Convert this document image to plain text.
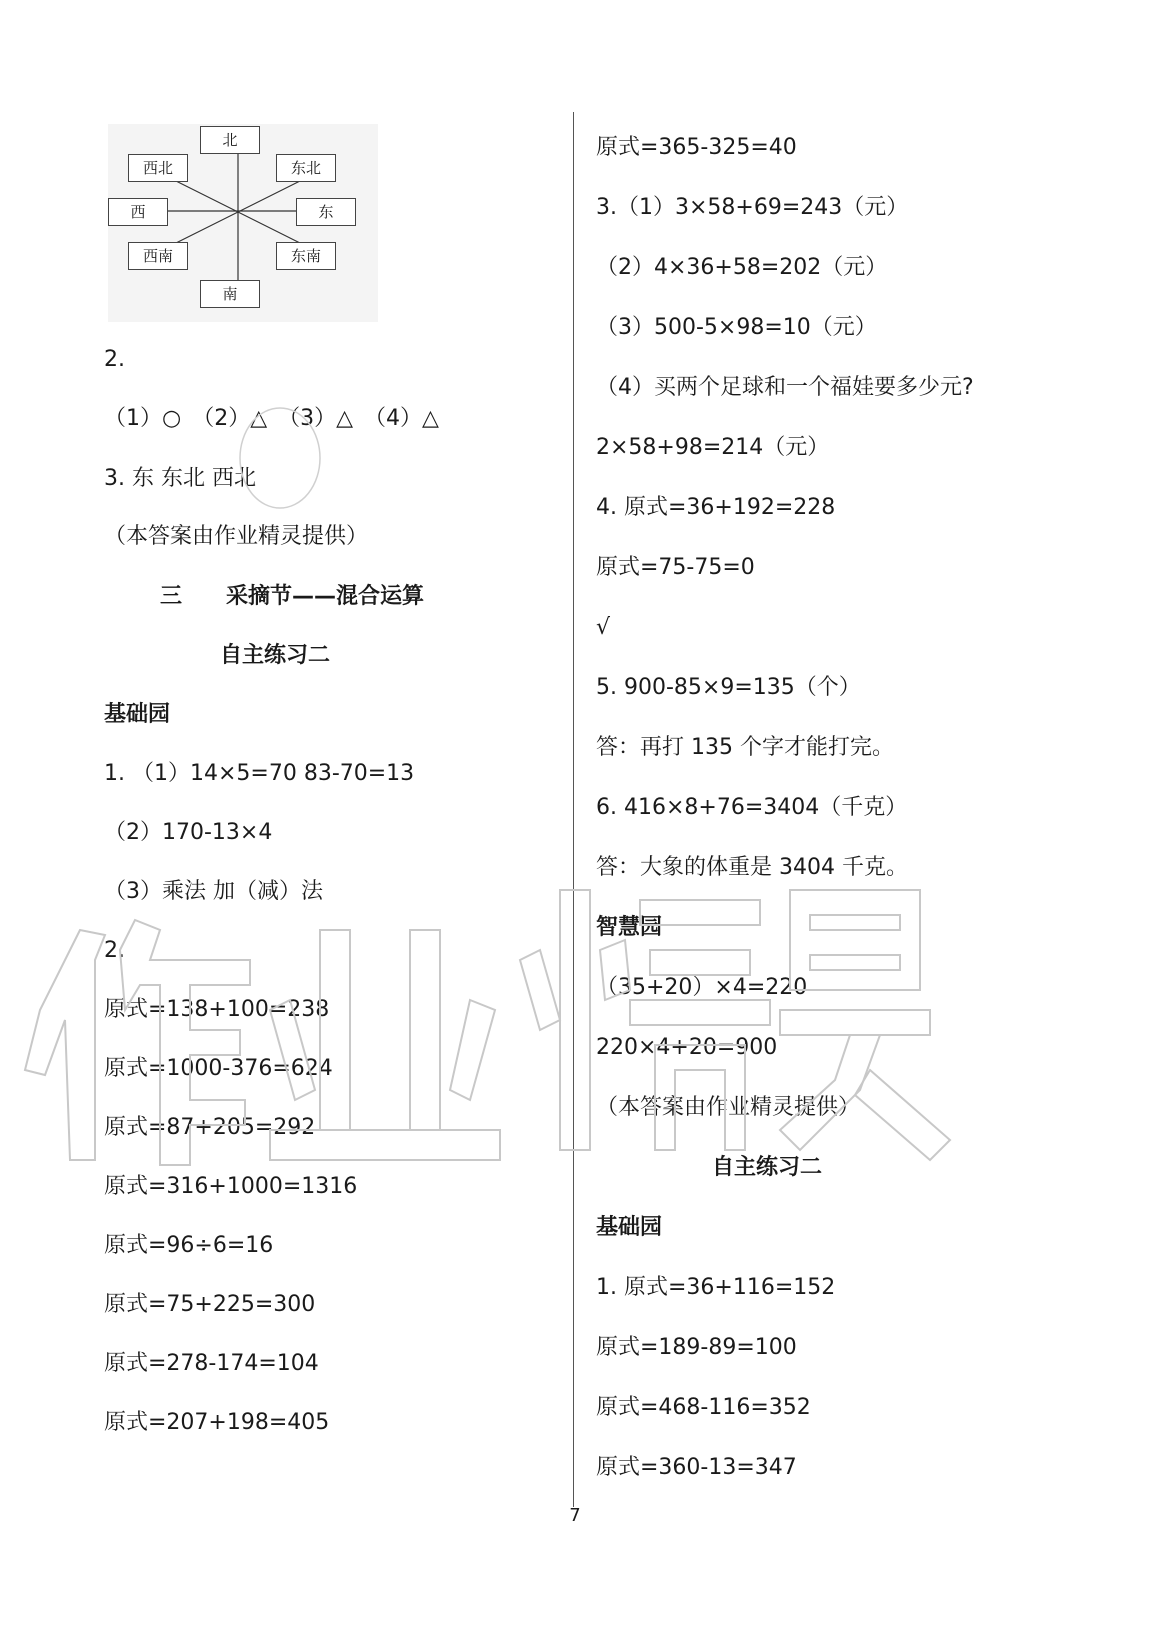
北
西北	东北
西	东
西南	东南
南
2.
（1）○　（2）△　（3）△　（4）△
3. 东 东北 西北
（本答案由作业精灵提供）
三　　采摘节——混合运算
自主练习二
基础园
1. （1）14×5=70 83-70=13
（2）170-13×4
（3）乘法 加（减）法
2.
原式=138+100=238
原式=1000-376=624
原式=87+205=292
原式=316+1000=1316
原式=96÷6=16
原式=75+225=300
原式=278-174=104
原式=207+198=405
原式=365-325=40
3.（1）3×58+69=243（元）
（2）4×36+58=202（元）
（3）500-5×98=10（元）
（4）买两个足球和一个福娃要多少元?
2×58+98=214（元）
4. 原式=36+192=228
原式=75-75=0
√
5. 900-85×9=135（个）
答：再打 135 个字才能打完。
6. 416×8+76=3404（千克）
答：大象的体重是 3404 千克。
智慧园
（35+20）×4=220
220×4+20=900
（本答案由作业精灵提供）
自主练习二
基础园
1. 原式=36+116=152
原式=189-89=100
原式=468-116=352
原式=360-13=347
7
